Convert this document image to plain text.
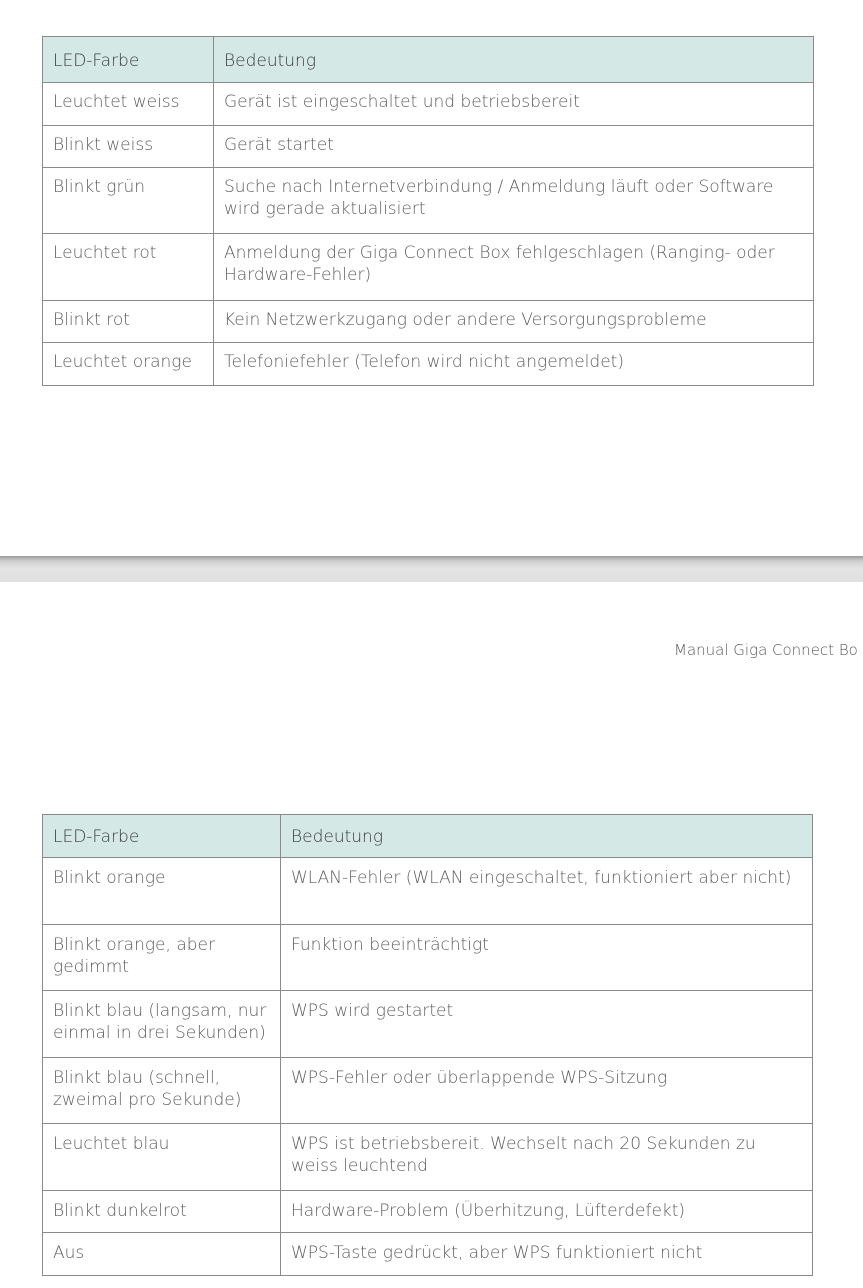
LED-Farbe	Bedeutung
Leuchtet weiss	Gerät ist eingeschaltet und betriebsbereit
Blinkt weiss	Gerät startet
Blinkt grün	Suche nach Internetverbindung / Anmeldung läuft oder Software wird gerade aktualisiert
Leuchtet rot	Anmeldung der Giga Connect Box fehlgeschlagen (Ranging- oder Hardware-Fehler)
Blinkt rot	Kein Netzwerkzugang oder andere Versorgungsprobleme
Leuchtet orange	Telefoniefehler (Telefon wird nicht angemeldet)
Manual Giga Connect Bo
LED-Farbe	Bedeutung
Blinkt orange	WLAN-Fehler (WLAN eingeschaltet, funktioniert aber nicht)
Blinkt orange, aber gedimmt	Funktion beeinträchtigt
Blinkt blau (langsam, nur einmal in drei Sekunden)	WPS wird gestartet
Blinkt blau (schnell, zweimal pro Sekunde)	WPS-Fehler oder überlappende WPS-Sitzung
Leuchtet blau	WPS ist betriebsbereit. Wechselt nach 20 Sekunden zu weiss leuchtend
Blinkt dunkelrot	Hardware-Problem (Überhitzung, Lüfterdefekt)
Aus	WPS-Taste gedrückt, aber WPS funktioniert nicht
